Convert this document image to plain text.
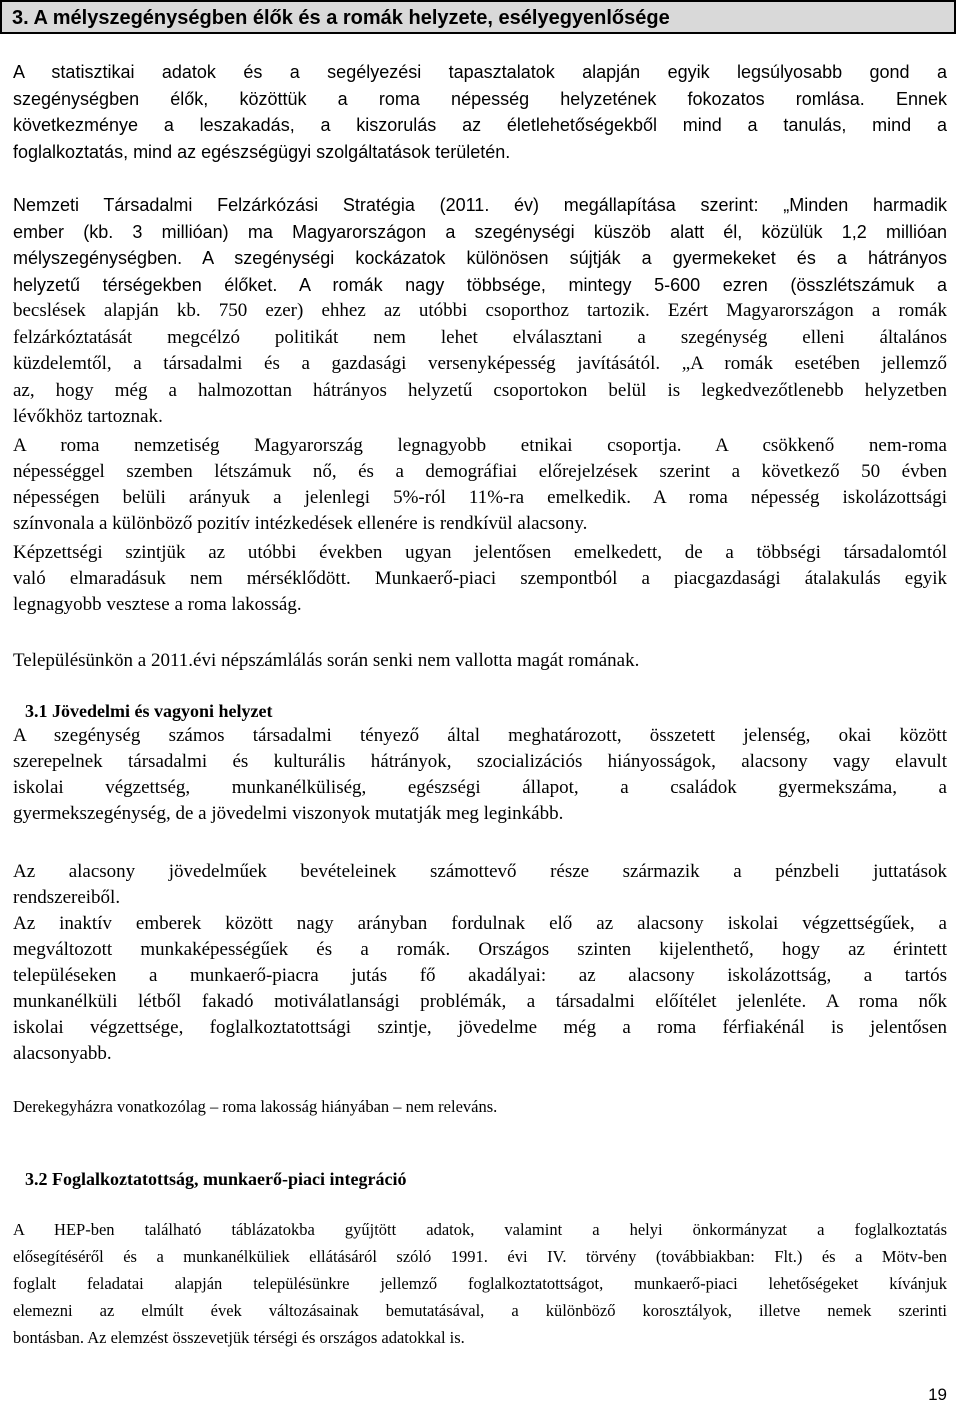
3. A mélyszegénységben élők és a romák helyzete, esélyegyenlősége
A statisztikai adatok és a segélyezési tapasztalatok alapján egyik legsúlyosabb gond a
szegénységben élők, közöttük a roma népesség helyzetének fokozatos romlása. Ennek
következménye a leszakadás, a kiszorulás az életlehetőségekből mind a tanulás, mind a
foglalkoztatás, mind az egészségügyi szolgáltatások területén.
Nemzeti Társadalmi Felzárkózási Stratégia (2011. év) megállapítása szerint: „Minden harmadik
ember (kb. 3 millióan) ma Magyarországon a szegénységi küszöb alatt él, közülük 1,2 millióan
mélyszegénységben. A szegénységi kockázatok különösen sújtják a gyermekeket és a hátrányos
helyzetű térségekben élőket. A romák nagy többsége, mintegy 5-600 ezren (összlétszámuk a
becslések alapján kb. 750 ezer) ehhez az utóbbi csoporthoz tartozik. Ezért Magyarországon a romák
felzárkóztatását megcélzó politikát nem lehet elválasztani a szegénység elleni általános
küzdelemtől, a társadalmi és a gazdasági versenyképesség javításától. „A romák esetében jellemző
az, hogy még a halmozottan hátrányos helyzetű csoportokon belül is legkedvezőtlenebb helyzetben
lévőkhöz tartoznak.
A roma nemzetiség Magyarország legnagyobb etnikai csoportja. A csökkenő nem-roma
népességgel szemben létszámuk nő, és a demográfiai előrejelzések szerint a következő 50 évben
népességen belüli arányuk a jelenlegi 5%-ról 11%-ra emelkedik. A roma népesség iskolázottsági
színvonala a különböző pozitív intézkedések ellenére is rendkívül alacsony.
Képzettségi szintjük az utóbbi években ugyan jelentősen emelkedett, de a többségi társadalomtól
való elmaradásuk nem mérséklődött. Munkaerő-piaci szempontból a piacgazdasági átalakulás egyik
legnagyobb vesztese a roma lakosság.
Településünkön a 2011.évi népszámlálás során senki nem vallotta magát romának.
3.1 Jövedelmi és vagyoni helyzet
A szegénység számos társadalmi tényező által meghatározott, összetett jelenség, okai között
szerepelnek társadalmi és kulturális hátrányok, szocializációs hiányosságok, alacsony vagy elavult
iskolai végzettség, munkanélküliség, egészségi állapot, a családok gyermekszáma, a
gyermekszegénység, de a jövedelmi viszonyok mutatják meg leginkább.
Az alacsony jövedelműek bevételeinek számottevő része származik a pénzbeli juttatások
rendszereiből.
Az inaktív emberek között nagy arányban fordulnak elő az alacsony iskolai végzettségűek, a
megváltozott munkaképességűek és a romák. Országos szinten kijelenthető, hogy az érintett
településeken a munkaerő-piacra jutás fő akadályai: az alacsony iskolázottság, a tartós
munkanélküli létből fakadó motiválatlansági problémák, a társadalmi előítélet jelenléte. A roma nők
iskolai végzettsége, foglalkoztatottsági szintje, jövedelme még a roma férfiakénál is jelentősen
alacsonyabb.
Derekegyházra vonatkozólag – roma lakosság hiányában – nem releváns.
3.2 Foglalkoztatottság, munkaerő-piaci integráció
A HEP-ben található táblázatokba gyűjtött adatok, valamint a helyi önkormányzat a foglalkoztatás
elősegítéséről és a munkanélküliek ellátásáról szóló 1991. évi IV. törvény (továbbiakban: Flt.) és a Mötv-ben
foglalt feladatai alapján településünkre jellemző foglalkoztatottságot, munkaerő-piaci lehetőségeket kívánjuk
elemezni az elmúlt évek változásainak bemutatásával, a különböző korosztályok, illetve nemek szerinti
bontásban. Az elemzést összevetjük térségi és országos adatokkal is.
19
